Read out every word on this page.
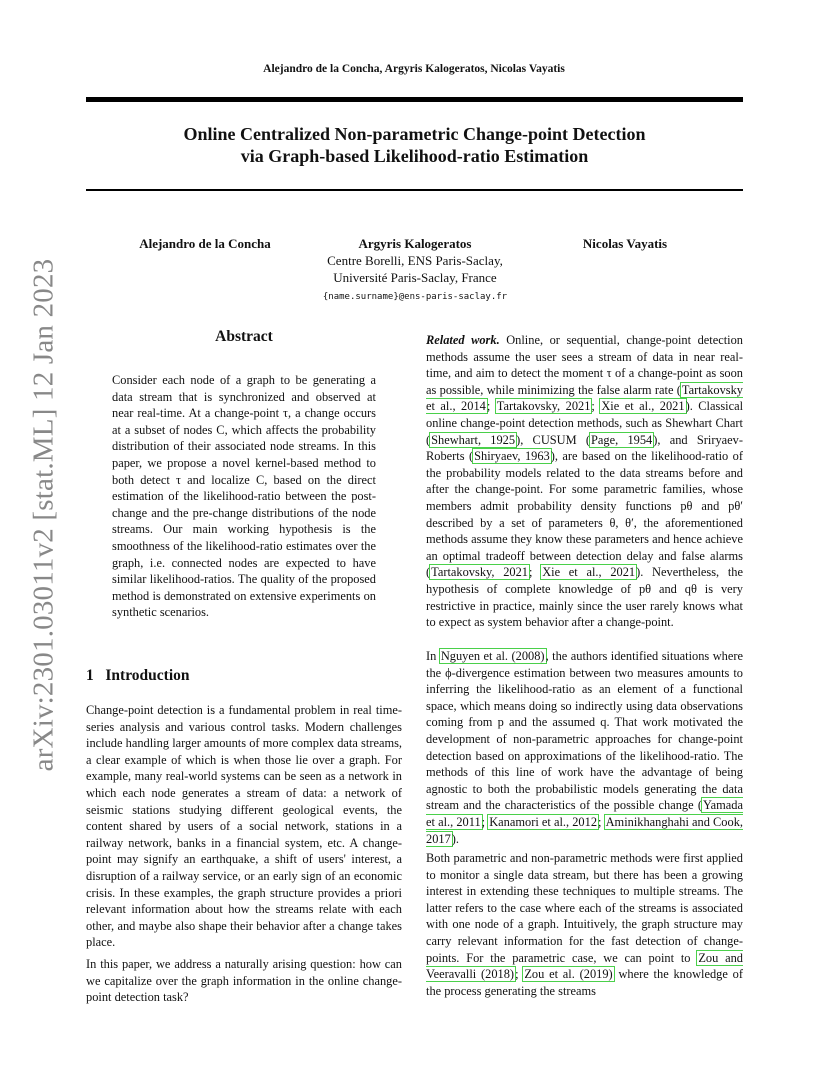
Alejandro de la Concha, Argyris Kalogeratos, Nicolas Vayatis
Online Centralized Non-parametric Change-point Detection
via Graph-based Likelihood-ratio Estimation
Alejandro de la Concha	Argyris Kalogeratos
Centre Borelli, ENS Paris-Saclay,
Université Paris-Saclay, France
{name.surname}@ens-paris-saclay.fr
Nicolas Vayatis
arXiv:2301.03011v2 [stat.ML] 12 Jan 2023	Abstract
Consider each node of a graph to be generating a data stream that is synchronized and observed at near real-time. At a change-point τ, a change occurs at a subset of nodes C, which affects the probability distribution of their associated node streams. In this paper, we propose a novel kernel-based method to both detect τ and localize C, based on the direct estimation of the likelihood-ratio between the post-change and the pre-change distributions of the node streams. Our main working hypothesis is the smoothness of the likelihood-ratio estimates over the graph, i.e. connected nodes are expected to have similar likelihood-ratios. The quality of the proposed method is demonstrated on extensive experiments on synthetic scenarios.
1 Introduction
Change-point detection is a fundamental problem in real time-series analysis and various control tasks. Modern challenges include handling larger amounts of more complex data streams, a clear example of which is when those lie over a graph. For example, many real-world systems can be seen as a network in which each node generates a stream of data: a network of seismic stations studying different geological events, the content shared by users of a social network, stations in a railway network, banks in a financial system, etc. A change-point may signify an earthquake, a shift of users' interest, a disruption of a railway service, or an early sign of an economic crisis. In these examples, the graph structure provides a priori relevant information about how the streams relate with each other, and maybe also shape their behavior after a change takes place.
In this paper, we address a naturally arising question: how can we capitalize over the graph information in the online change-point detection task?
Related work. Online, or sequential, change-point detection methods assume the user sees a stream of data in near real-time, and aim to detect the moment τ of a change-point as soon as possible, while minimizing the false alarm rate (Tartakovsky et al., 2014; Tartakovsky, 2021; Xie et al., 2021). Classical online change-point detection methods, such as Shewhart Chart (Shewhart, 1925), CUSUM (Page, 1954), and Sriryaev-Roberts (Shiryaev, 1963), are based on the likelihood-ratio of the probability models related to the data streams before and after the change-point. For some parametric families, whose members admit probability density functions pθ and pθ′ described by a set of parameters θ, θ′, the aforementioned methods assume they know these parameters and hence achieve an optimal tradeoff between detection delay and false alarms (Tartakovsky, 2021; Xie et al., 2021). Nevertheless, the hypothesis of complete knowledge of pθ and qθ is very restrictive in practice, mainly since the user rarely knows what to expect as system behavior after a change-point.
In Nguyen et al. (2008), the authors identified situations where the ϕ-divergence estimation between two measures amounts to inferring the likelihood-ratio as an element of a functional space, which means doing so indirectly using data observations coming from p and the assumed q. That work motivated the development of non-parametric approaches for change-point detection based on approximations of the likelihood-ratio. The methods of this line of work have the advantage of being agnostic to both the probabilistic models generating the data stream and the characteristics of the possible change (Yamada et al., 2011; Kanamori et al., 2012; Aminikhanghahi and Cook, 2017).
Both parametric and non-parametric methods were first applied to monitor a single data stream, but there has been a growing interest in extending these techniques to multiple streams. The latter refers to the case where each of the streams is associated with one node of a graph. Intuitively, the graph structure may carry relevant information for the fast detection of change-points. For the parametric case, we can point to Zou and Veeravalli (2018); Zou et al. (2019) where the knowledge of the process generating the streams
